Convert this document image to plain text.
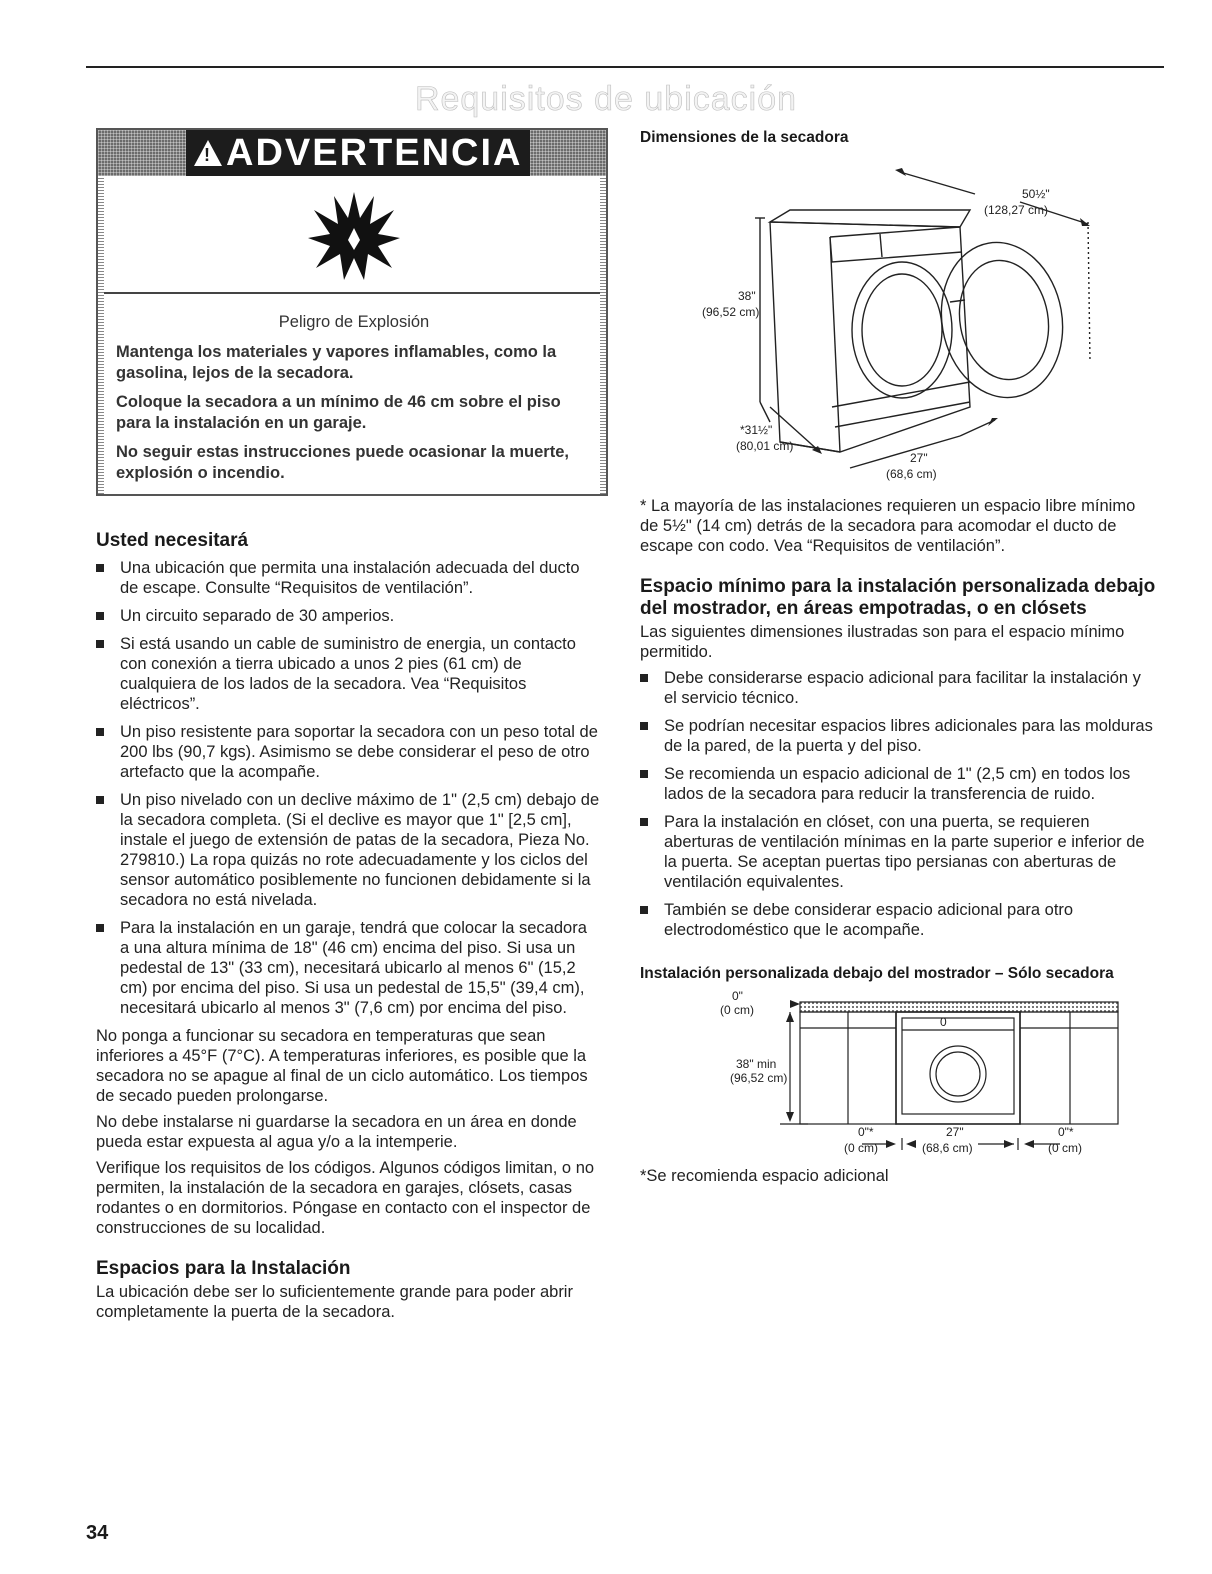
Requisitos de ubicación
!
ADVERTENCIA
Peligro de Explosión
Mantenga los materiales y vapores inflamables, como la gasolina, lejos de la secadora.
Coloque la secadora a un mínimo de 46 cm sobre el piso para la instalación en un garaje.
No seguir estas instrucciones puede ocasionar la muerte, explosión o incendio.
Usted necesitará
Una ubicación que permita una instalación adecuada del ducto de escape. Consulte “Requisitos de ventilación”.
Un circuito separado de 30 amperios.
Si está usando un cable de suministro de energia, un contacto con conexión a tierra ubicado a unos 2 pies (61 cm) de cualquiera de los lados de la secadora. Vea “Requisitos eléctricos”.
Un piso resistente para soportar la secadora con un peso total de 200 lbs (90,7 kgs). Asimismo se debe considerar el peso de otro artefacto que la acompañe.
Un piso nivelado con un declive máximo de 1" (2,5 cm) debajo de la secadora completa. (Si el declive es mayor que 1" [2,5 cm], instale el juego de extensión de patas de la secadora, Pieza No. 279810.) La ropa quizás no rote adecuadamente y los ciclos del sensor automático posiblemente no funcionen debidamente si la secadora no está nivelada.
Para la instalación en un garaje, tendrá que colocar la secadora a una altura mínima de 18" (46 cm) encima del piso. Si usa un pedestal de 13" (33 cm), necesitará ubicarlo al menos 6" (15,2 cm) por encima del piso. Si usa un pedestal de 15,5" (39,4 cm), necesitará ubicarlo al menos 3" (7,6 cm) por encima del piso.

No ponga a funcionar su secadora en temperaturas que sean inferiores a 45°F (7°C). A temperaturas inferiores, es posible que la secadora no se apague al final de un ciclo automático. Los tiempos de secado pueden prolongarse.

No debe instalarse ni guardarse la secadora en un área en donde pueda estar expuesta al agua y/o a la intemperie.

Verifique los requisitos de los códigos. Algunos códigos limitan, o no permiten, la instalación de la secadora en garajes, clósets, casas rodantes o en dormitorios. Póngase en contacto con el inspector de construcciones de su localidad.

Espacios para la Instalación

La ubicación debe ser lo suficientemente grande para poder abrir completamente la puerta de la secadora.

Dimensiones de la secadora
50½"
(128,27 cm)
38"
(96,52 cm)
*31½"
(80,01 cm)
27"
(68,6 cm)
* La mayoría de las instalaciones requieren un espacio libre mínimo de 5½" (14 cm) detrás de la secadora para acomodar el ducto de escape con codo. Vea “Requisitos de ventilación”.
Espacio mínimo para la instalación personalizada debajo del mostrador, en áreas empotradas, o en clósets

Las siguientes dimensiones ilustradas son para el espacio mínimo permitido.

Debe considerarse espacio adicional para facilitar la instalación y el servicio técnico.
Se podrían necesitar espacios libres adicionales para las molduras de la pared, de la puerta y del piso.
Se recomienda un espacio adicional de 1" (2,5 cm) en todos los lados de la secadora para reducir la transferencia de ruido.
Para la instalación en clóset, con una puerta, se requieren aberturas de ventilación mínimas en la parte superior e inferior de la puerta. Se aceptan puertas tipo persianas con aberturas de ventilación equivalentes.
También se debe considerar espacio adicional para otro electrodoméstico que le acompañe.
Instalación personalizada debajo del mostrador – Sólo secadora
0
0"
(0 cm)
38" min
(96,52 cm)
0"*
(0 cm)
27"
(68,6 cm)
0"*
(0 cm)
*Se recomienda espacio adicional
34
